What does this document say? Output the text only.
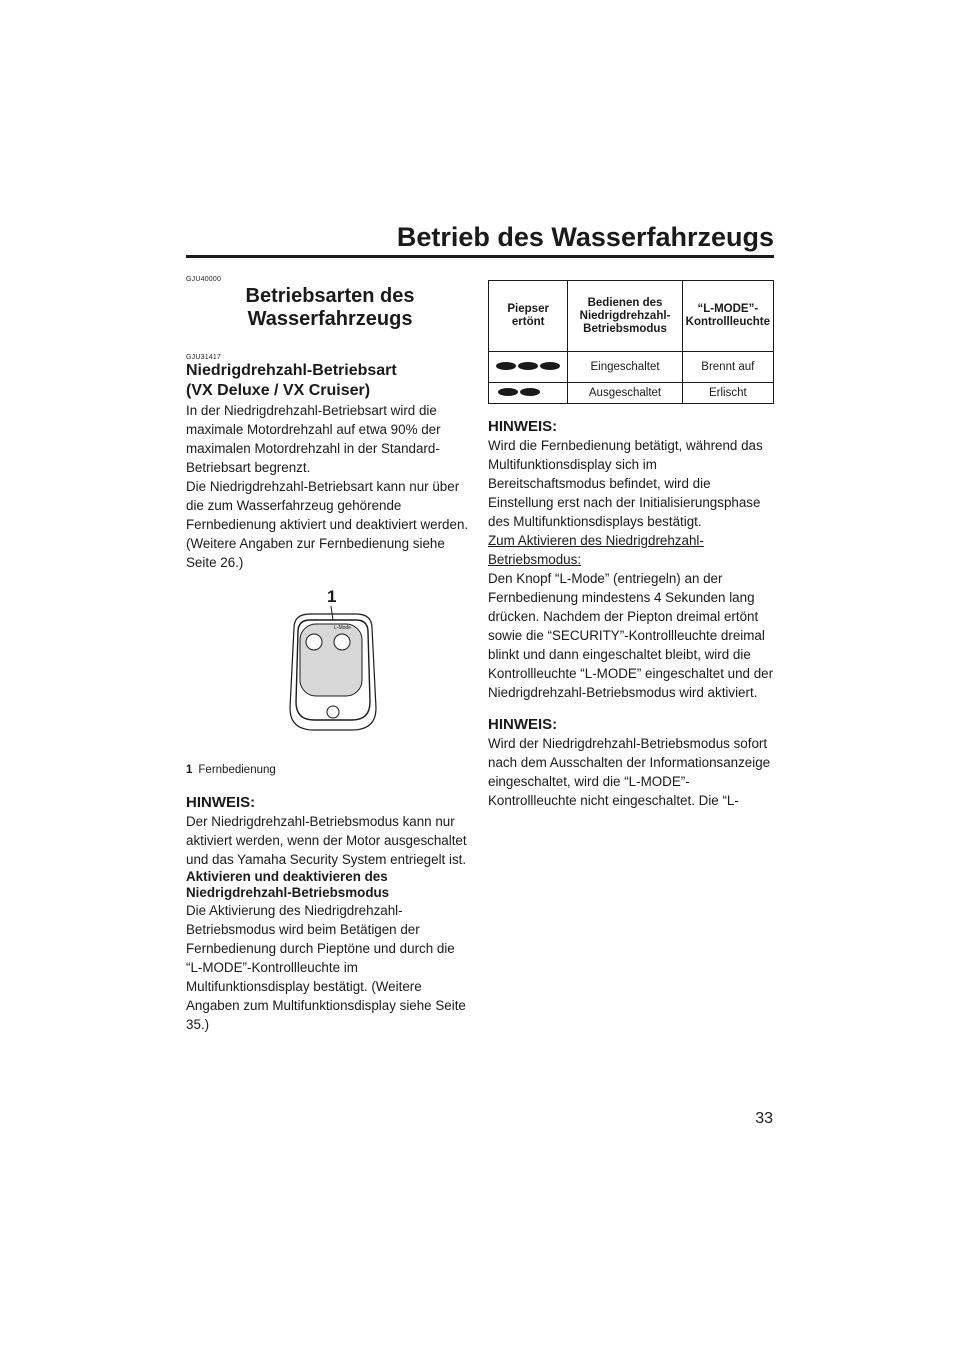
Betrieb des Wasserfahrzeugs
GJU40000
Betriebsarten des
Wasserfahrzeugs
GJU31417
Niedrigdrehzahl-Betriebsart
(VX Deluxe / VX Cruiser)

In der Niedrigdrehzahl-Betriebsart wird die maximale Motordrehzahl auf etwa 90% der maximalen Motordrehzahl in der Standard-Betriebsart begrenzt.

Die Niedrigdrehzahl-Betriebsart kann nur über die zum Wasserfahrzeug gehörende Fernbedienung aktiviert und deaktiviert werden. (Weitere Angaben zur Fernbedienung siehe Seite 26.)

1
L-Mode
1 Fernbedienung
HINWEIS:

Der Niedrigdrehzahl-Betriebsmodus kann nur aktiviert werden, wenn der Motor ausgeschaltet und das Yamaha Security System entriegelt ist.

Aktivieren und deaktivieren des Niedrigdrehzahl-Betriebsmodus

Die Aktivierung des Niedrigdrehzahl-Betriebsmodus wird beim Betätigen der Fernbedienung durch Pieptöne und durch die “L-MODE”-Kontrollleuchte im Multifunktionsdisplay bestätigt. (Weitere Angaben zum Multifunktionsdisplay siehe Seite 35.)

Piepser ertönt	Bedienen des Niedrigdrehzahl-Betriebsmodus	“L-MODE”-Kontrollleuchte
	Eingeschaltet	Brennt auf
	Ausgeschaltet	Erlischt
HINWEIS:

Wird die Fernbedienung betätigt, während das Multifunktionsdisplay sich im Bereitschaftsmodus befindet, wird die Einstellung erst nach der Initialisierungsphase des Multifunktionsdisplays bestätigt.

Zum Aktivieren des Niedrigdrehzahl-Betriebsmodus:

Den Knopf “L-Mode” (entriegeln) an der Fernbedienung mindestens 4 Sekunden lang drücken. Nachdem der Piepton dreimal ertönt sowie die “SECURITY”-Kontrollleuchte dreimal blinkt und dann eingeschaltet bleibt, wird die Kontrollleuchte “L-MODE” eingeschaltet und der Niedrigdrehzahl-Betriebsmodus wird aktiviert.

HINWEIS:

Wird der Niedrigdrehzahl-Betriebsmodus sofort nach dem Ausschalten der Informationsanzeige eingeschaltet, wird die “L-MODE”-Kontrollleuchte nicht eingeschaltet. Die “L-

33
